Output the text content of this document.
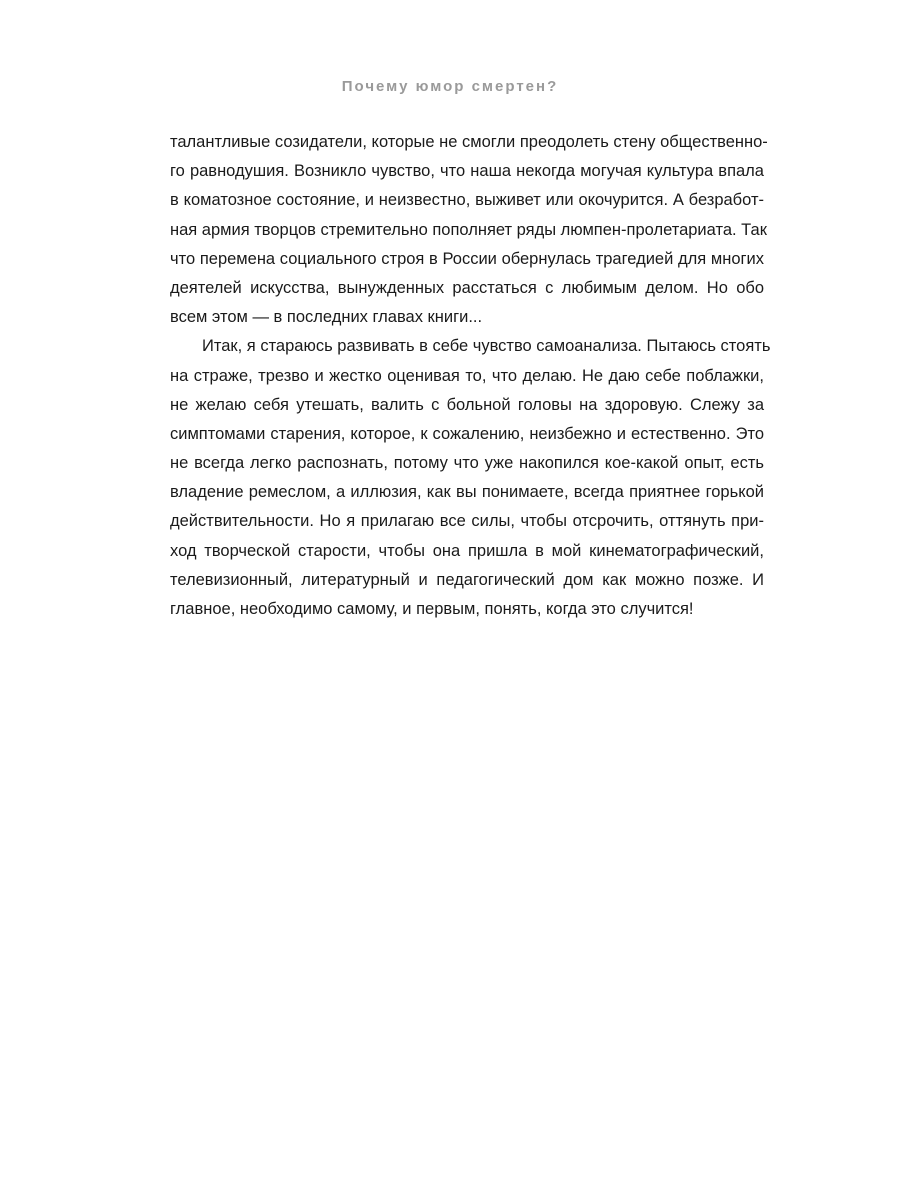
Почему юмор смертен?
талантливые созидатели, которые не смогли преодолеть стену общественно-
го равнодушия. Возникло чувство, что наша некогда могучая культура впала
в коматозное состояние, и неизвестно, выживет или окочурится. А безработ-
ная армия творцов стремительно пополняет ряды люмпен-пролетариата. Так
что перемена социального строя в России обернулась трагедией для многих
деятелей искусства, вынужденных расстаться с любимым делом. Но обо
всем этом — в последних главах книги...
Итак, я стараюсь развивать в себе чувство самоанализа. Пытаюсь стоять
на страже, трезво и жестко оценивая то, что делаю. Не даю себе поблажки,
не желаю себя утешать, валить с больной головы на здоровую. Слежу за
симптомами старения, которое, к сожалению, неизбежно и естественно. Это
не всегда легко распознать, потому что уже накопился кое-какой опыт, есть
владение ремеслом, а иллюзия, как вы понимаете, всегда приятнее горькой
действительности. Но я прилагаю все силы, чтобы отсрочить, оттянуть при-
ход творческой старости, чтобы она пришла в мой кинематографический,
телевизионный, литературный и педагогический дом как можно позже. И
главное, необходимо самому, и первым, понять, когда это случится!
